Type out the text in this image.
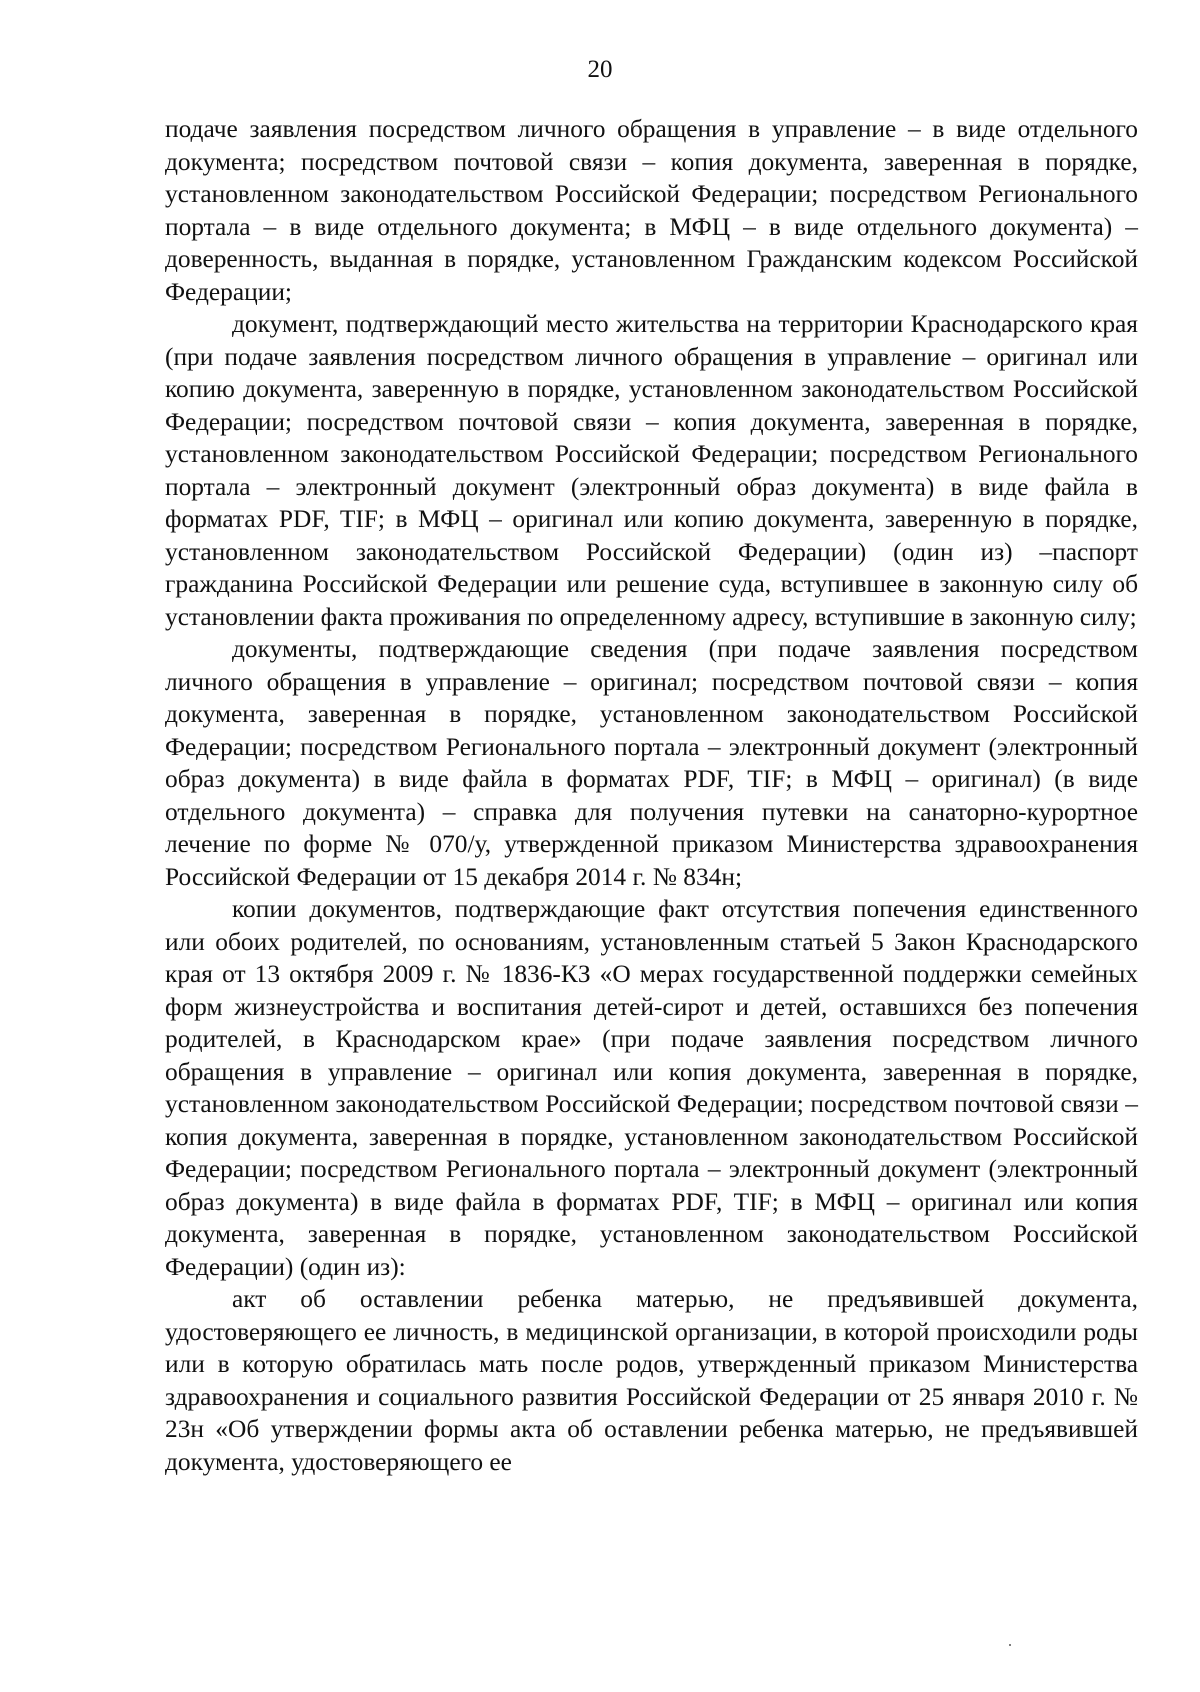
20

подаче заявления посредством личного обращения в управление – в виде отдельного документа; посредством почтовой связи – копия документа, заверенная в порядке, установленном законодательством Российской Федерации; посредством Регионального портала – в виде отдельного документа; в МФЦ – в виде отдельного документа) – доверенность, выданная в порядке, установленном Гражданским кодексом Российской Федерации;

документ, подтверждающий место жительства на территории Краснодарского края (при подаче заявления посредством личного обращения в управление – оригинал или копию документа, заверенную в порядке, установленном законодательством Российской Федерации; посредством почтовой связи – копия документа, заверенная в порядке, установленном законодательством Российской Федерации; посредством Регионального портала – электронный документ (электронный образ документа) в виде файла в форматах PDF, TIF; в МФЦ – оригинал или копию документа, заверенную в порядке, установленном законодательством Российской Федерации) (один из) –паспорт гражданина Российской Федерации или решение суда, вступившее в законную силу об установлении факта проживания по определенному адресу, вступившие в законную силу;

документы, подтверждающие сведения (при подаче заявления посредством личного обращения в управление – оригинал; посредством почтовой связи – копия документа, заверенная в порядке, установленном законодательством Российской Федерации; посредством Регионального портала – электронный документ (электронный образ документа) в виде файла в форматах PDF, TIF; в МФЦ – оригинал) (в виде отдельного документа) – справка для получения путевки на санаторно-курортное лечение по форме № 070/у, утвержденной приказом Министерства здравоохранения Российской Федерации от 15 декабря 2014 г. № 834н;

копии документов, подтверждающие факт отсутствия попечения единственного или обоих родителей, по основаниям, установленным статьей 5 Закон Краснодарского края от 13 октября 2009 г. № 1836-КЗ «О мерах государственной поддержки семейных форм жизнеустройства и воспитания детей-сирот и детей, оставшихся без попечения родителей, в Краснодарском крае» (при подаче заявления посредством личного обращения в управление – оригинал или копия документа, заверенная в порядке, установленном законодательством Российской Федерации; посредством почтовой связи – копия документа, заверенная в порядке, установленном законодательством Российской Федерации; посредством Регионального портала – электронный документ (электронный образ документа) в виде файла в форматах PDF, TIF; в МФЦ – оригинал или копия документа, заверенная в порядке, установленном законодательством Российской Федерации) (один из):

акт об оставлении ребенка матерью, не предъявившей документа, удостоверяющего ее личность, в медицинской организации, в которой происходили роды или в которую обратилась мать после родов, утвержденный приказом Министерства здравоохранения и социального развития Российской Федерации от 25 января 2010 г. № 23н «Об утверждении формы акта об оставлении ребенка матерью, не предъявившей документа, удостоверяющего ее
